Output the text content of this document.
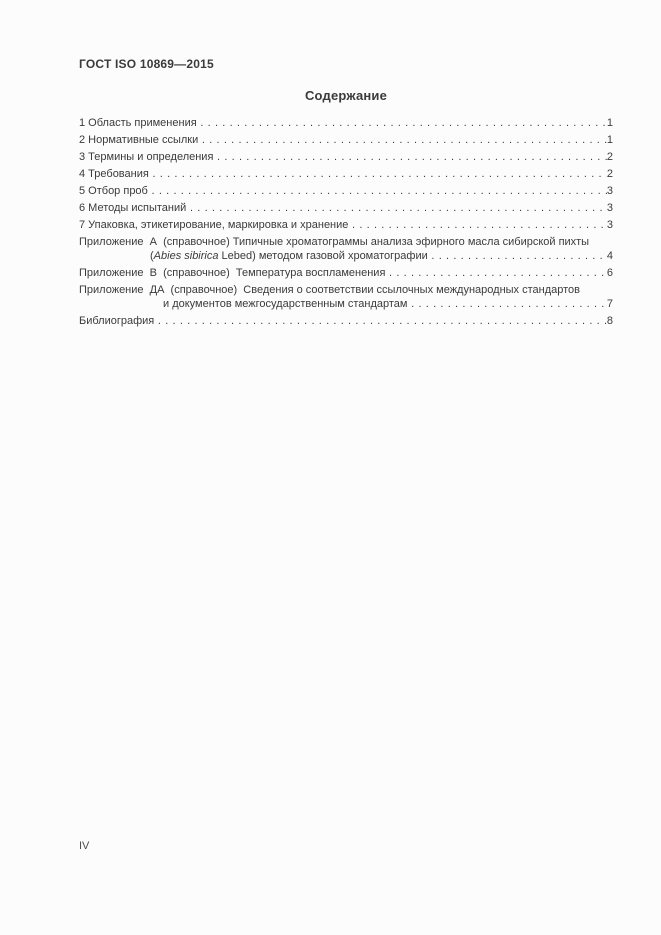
ГОСТ ISO 10869—2015
Содержание
1 Область применения . . .	1
2 Нормативные ссылки . . .	1
3 Термины и определения . . .	2
4 Требования . . .	2
5 Отбор проб . . .	3
6 Методы испытаний . . .	3
7 Упаковка, этикетирование, маркировка и хранение . . .	3
Приложение  А  (справочное) Типичные хроматограммы анализа эфирного масла сибирской пихты
(Abies sibirica Lebed) методом газовой хроматографии . . .	4
Приложение  В  (справочное)  Температура воспламенения . . .	6
Приложение  ДА  (справочное)  Сведения о соответствии ссылочных международных стандартов
и документов межгосударственным стандартам . . .	7
Библиография . . .	8
IV
